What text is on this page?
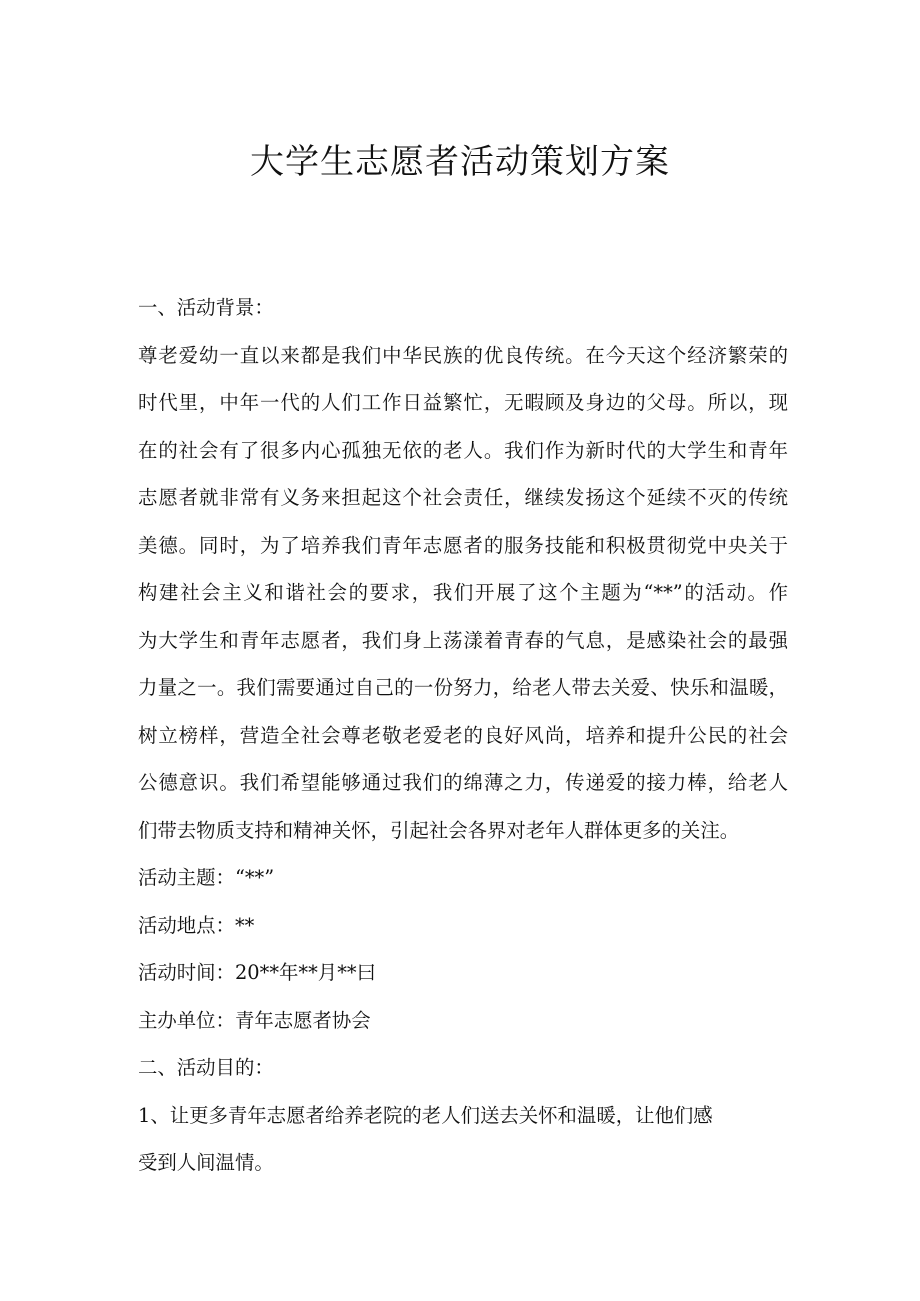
大学生志愿者活动策划方案

一、活动背景：

尊老爱幼一直以来都是我们中华民族的优良传统。在今天这个经济繁荣的

时代里，中年一代的人们工作日益繁忙，无暇顾及身边的父母。所以，现

在的社会有了很多内心孤独无依的老人。我们作为新时代的大学生和青年

志愿者就非常有义务来担起这个社会责任，继续发扬这个延续不灭的传统

美德。同时，为了培养我们青年志愿者的服务技能和积极贯彻党中央关于

构建社会主义和谐社会的要求，我们开展了这个主题为“**”的活动。作

为大学生和青年志愿者，我们身上荡漾着青春的气息，是感染社会的最强

力量之一。我们需要通过自己的一份努力，给老人带去关爱、快乐和温暖，

树立榜样，营造全社会尊老敬老爱老的良好风尚，培养和提升公民的社会

公德意识。我们希望能够通过我们的绵薄之力，传递爱的接力棒，给老人

们带去物质支持和精神关怀，引起社会各界对老年人群体更多的关注。

活动主题：“**”

活动地点：**

活动时间：20**年**月**曰

主办单位：青年志愿者协会

二、活动目的：

1、让更多青年志愿者给养老院的老人们送去关怀和温暖，让他们感

受到人间温情。
